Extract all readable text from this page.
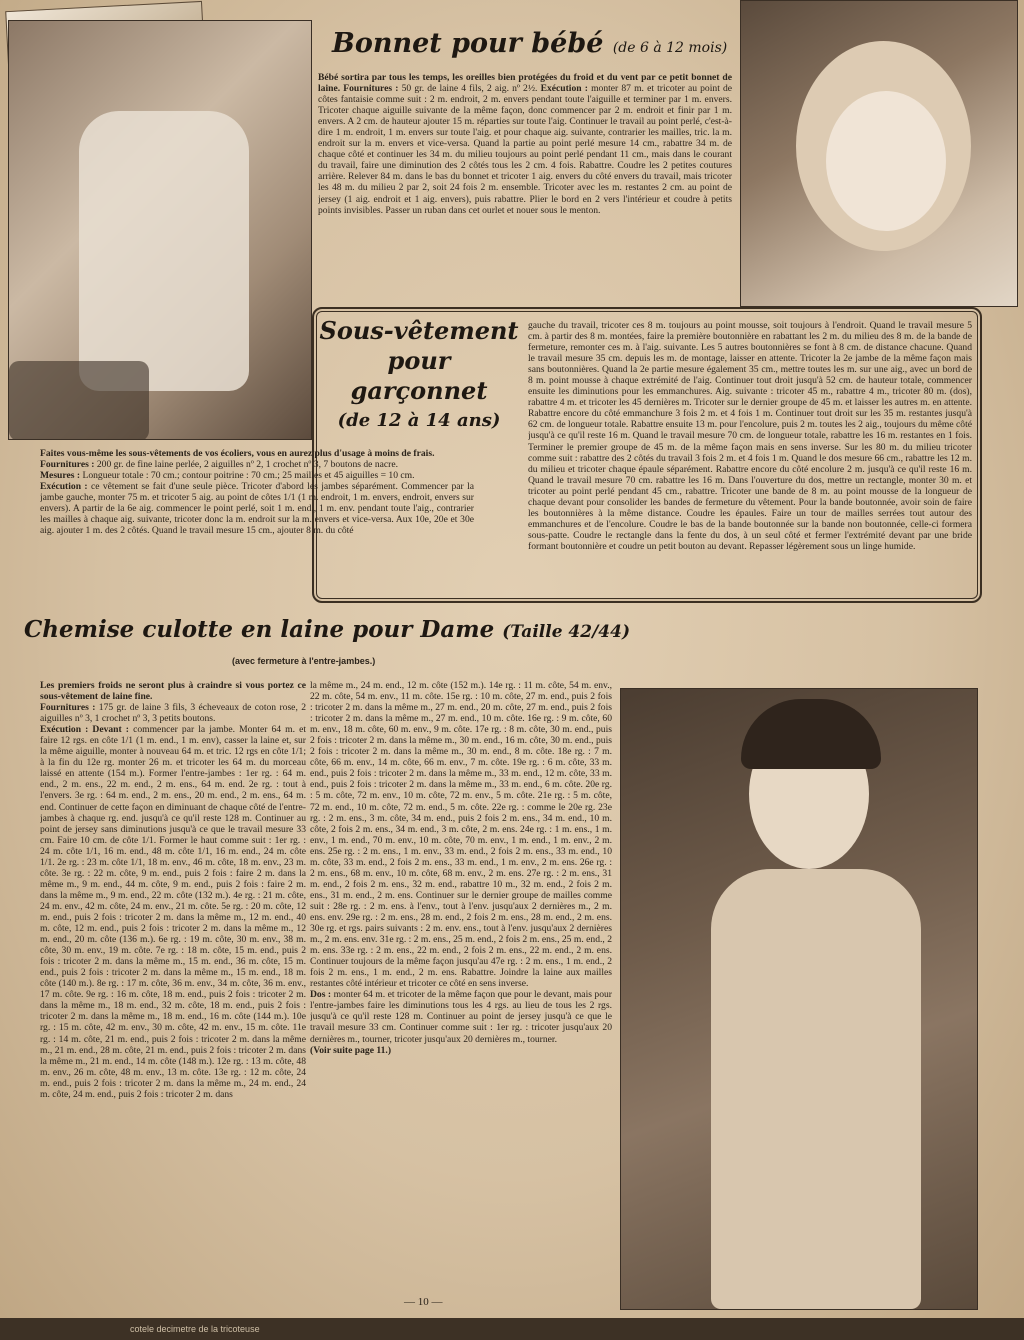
Bonnet pour bébé (de 6 à 12 mois)
Bébé sortira par tous les temps, les oreilles bien protégées du froid et du vent par ce petit bonnet de laine. Fournitures : 50 gr. de laine 4 fils, 2 aig. nº 2½. Exécution : monter 87 m. et tricoter au point de côtes fantaisie comme suit : 2 m. endroit, 2 m. envers pendant toute l'aiguille et terminer par 1 m. envers. Tricoter chaque aiguille suivante de la même façon, donc commencer par 2 m. endroit et finir par 1 m. envers. A 2 cm. de hauteur ajouter 15 m. réparties sur toute l'aig. Continuer le travail au point perlé, c'est-à-dire 1 m. endroit, 1 m. envers sur toute l'aig. et pour chaque aig. suivante, contrarier les mailles, tric. la m. endroit sur la m. envers et vice-versa. Quand la partie au point perlé mesure 14 cm., rabattre 34 m. de chaque côté et continuer les 34 m. du milieu toujours au point perlé pendant 11 cm., mais dans le courant du travail, faire une diminution des 2 côtés tous les 2 cm. 4 fois. Rabattre. Coudre les 2 petites coutures arrière. Relever 84 m. dans le bas du bonnet et tricoter 1 aig. envers du côté envers du travail, mais tricoter les 48 m. du milieu 2 par 2, soit 24 fois 2 m. ensemble. Tricoter avec les m. restantes 2 cm. au point de jersey (1 aig. endroit et 1 aig. envers), puis rabattre. Plier le bord en 2 vers l'intérieur et coudre à petits points invisibles. Passer un ruban dans cet ourlet et nouer sous le menton.
Sous-vêtement
pour
garçonnet
(de 12 à 14 ans)
Faites vous-même les sous-vêtements de vos écoliers, vous en aurez plus d'usage à moins de frais.
Fournitures : 200 gr. de fine laine perlée, 2 aiguilles nº 2, 1 crochet nº 3, 7 boutons de nacre.
Mesures : Longueur totale : 70 cm.; contour poitrine : 70 cm.; 25 mailles et 45 aiguilles = 10 cm.
Exécution : ce vêtement se fait d'une seule pièce. Tricoter d'abord les jambes séparément. Commencer par la jambe gauche, monter 75 m. et tricoter 5 aig. au point de côtes 1/1 (1 m. endroit, 1 m. envers, endroit, envers sur envers). A partir de la 6e aig. commencer le point perlé, soit 1 m. end., 1 m. env. pendant toute l'aig., contrarier les mailles à chaque aig. suivante, tricoter donc la m. endroit sur la m. envers et vice-versa. Aux 10e, 20e et 30e aig. ajouter 1 m. des 2 côtés. Quand le travail mesure 15 cm., ajouter 8 m. du côté
gauche du travail, tricoter ces 8 m. toujours au point mousse, soit toujours à l'endroit. Quand le travail mesure 5 cm. à partir des 8 m. montées, faire la première boutonnière en rabattant les 2 m. du milieu des 8 m. de la bande de fermeture, remonter ces m. à l'aig. suivante. Les 5 autres boutonnières se font à 8 cm. de distance chacune. Quand le travail mesure 35 cm. depuis les m. de montage, laisser en attente. Tricoter la 2e jambe de la même façon mais sans boutonnières. Quand la 2e partie mesure également 35 cm., mettre toutes les m. sur une aig., avec un bord de 8 m. point mousse à chaque extrémité de l'aig. Continuer tout droit jusqu'à 52 cm. de hauteur totale, commencer ensuite les diminutions pour les emmanchures. Aig. suivante : tricoter 45 m., rabattre 4 m., tricoter 80 m. (dos), rabattre 4 m. et tricoter les 45 dernières m. Tricoter sur le dernier groupe de 45 m. et laisser les autres m. en attente. Rabattre encore du côté emmanchure 3 fois 2 m. et 4 fois 1 m. Continuer tout droit sur les 35 m. restantes jusqu'à 62 cm. de longueur totale. Rabattre ensuite 13 m. pour l'encolure, puis 2 m. toutes les 2 aig., toujours du même côté jusqu'à ce qu'il reste 16 m. Quand le travail mesure 70 cm. de longueur totale, rabattre les 16 m. restantes en 1 fois. Terminer le premier groupe de 45 m. de la même façon mais en sens inverse. Sur les 80 m. du milieu tricoter comme suit : rabattre des 2 côtés du travail 3 fois 2 m. et 4 fois 1 m. Quand le dos mesure 66 cm., rabattre les 12 m. du milieu et tricoter chaque épaule séparément. Rabattre encore du côté encolure 2 m. jusqu'à ce qu'il reste 16 m. Quand le travail mesure 70 cm. rabattre les 16 m. Dans l'ouverture du dos, mettre un rectangle, monter 30 m. et tricoter au point perlé pendant 45 cm., rabattre. Tricoter une bande de 8 m. au point mousse de la longueur de chaque devant pour consolider les bandes de fermeture du vêtement. Pour la bande boutonnée, avoir soin de faire les boutonnières à la même distance. Coudre les épaules. Faire un tour de mailles serrées tout autour des emmanchures et de l'encolure. Coudre le bas de la bande boutonnée sur la bande non boutonnée, celle-ci formera sous-patte. Coudre le rectangle dans la fente du dos, à un seul côté et fermer l'extrémité devant par une bride formant boutonnière et coudre un petit bouton au devant. Repasser légèrement sous un linge humide.
Chemise culotte en laine pour Dame (Taille 42/44)
(avec fermeture à l'entre-jambes.)
Les premiers froids ne seront plus à craindre si vous portez ce sous-vêtement de laine fine.
Fournitures : 175 gr. de laine 3 fils, 3 écheveaux de coton rose, 2 aiguilles nº 3, 1 crochet nº 3, 3 petits boutons.
Exécution : Devant : commencer par la jambe. Monter 64 m. et faire 12 rgs. en côte 1/1 (1 m. end., 1 m. env), casser la laine et, sur la même aiguille, monter à nouveau 64 m. et tric. 12 rgs en côte 1/1; à la fin du 12e rg. monter 26 m. et tricoter les 64 m. du morceau laissé en attente (154 m.). Former l'entre-jambes : 1er rg. : 64 m. end., 2 m. ens., 22 m. end., 2 m. ens., 64 m. end. 2e rg. : tout à l'envers. 3e rg. : 64 m. end., 2 m. ens., 20 m. end., 2 m. ens., 64 m. end. Continuer de cette façon en diminuant de chaque côté de l'entre-jambes à chaque rg. end. jusqu'à ce qu'il reste 128 m. Continuer au point de jersey sans diminutions jusqu'à ce que le travail mesure 33 cm. Faire 10 cm. de côte 1/1. Former le haut comme suit : 1er rg. : 24 m. côte 1/1, 16 m. end., 48 m. côte 1/1, 16 m. end., 24 m. côte 1/1. 2e rg. : 23 m. côte 1/1, 18 m. env., 46 m. côte, 18 m. env., 23 m. côte. 3e rg. : 22 m. côte, 9 m. end., puis 2 fois : faire 2 m. dans la même m., 9 m. end., 44 m. côte, 9 m. end., puis 2 fois : faire 2 m. dans la même m., 9 m. end., 22 m. côte (132 m.). 4e rg. : 21 m. côte, 24 m. env., 42 m. côte, 24 m. env., 21 m. côte. 5e rg. : 20 m. côte, 12 m. end., puis 2 fois : tricoter 2 m. dans la même m., 12 m. end., 40 m. côte, 12 m. end., puis 2 fois : tricoter 2 m. dans la même m., 12 m. end., 20 m. côte (136 m.). 6e rg. : 19 m. côte, 30 m. env., 38 m. côte, 30 m. env., 19 m. côte. 7e rg. : 18 m. côte, 15 m. end., puis 2 fois : tricoter 2 m. dans la même m., 15 m. end., 36 m. côte, 15 m. end., puis 2 fois : tricoter 2 m. dans la même m., 15 m. end., 18 m. côte (140 m.). 8e rg. : 17 m. côte, 36 m. env., 34 m. côte, 36 m. env., 17 m. côte. 9e rg. : 16 m. côte, 18 m. end., puis 2 fois : tricoter 2 m. dans la même m., 18 m. end., 32 m. côte, 18 m. end., puis 2 fois : tricoter 2 m. dans la même m., 18 m. end., 16 m. côte (144 m.). 10e rg. : 15 m. côte, 42 m. env., 30 m. côte, 42 m. env., 15 m. côte. 11e rg. : 14 m. côte, 21 m. end., puis 2 fois : tricoter 2 m. dans la même m., 21 m. end., 28 m. côte, 21 m. end., puis 2 fois : tricoter 2 m. dans la même m., 21 m. end., 14 m. côte (148 m.). 12e rg. : 13 m. côte, 48 m. env., 26 m. côte, 48 m. env., 13 m. côte. 13e rg. : 12 m. côte, 24 m. end., puis 2 fois : tricoter 2 m. dans la même m., 24 m. end., 24 m. côte, 24 m. end., puis 2 fois : tricoter 2 m. dans
la même m., 24 m. end., 12 m. côte (152 m.). 14e rg. : 11 m. côte, 54 m. env., 22 m. côte, 54 m. env., 11 m. côte. 15e rg. : 10 m. côte, 27 m. end., puis 2 fois : tricoter 2 m. dans la même m., 27 m. end., 20 m. côte, 27 m. end., puis 2 fois : tricoter 2 m. dans la même m., 27 m. end., 10 m. côte. 16e rg. : 9 m. côte, 60 m. env., 18 m. côte, 60 m. env., 9 m. côte. 17e rg. : 8 m. côte, 30 m. end., puis 2 fois : tricoter 2 m. dans la même m., 30 m. end., 16 m. côte, 30 m. end., puis 2 fois : tricoter 2 m. dans la même m., 30 m. end., 8 m. côte. 18e rg. : 7 m. côte, 66 m. env., 14 m. côte, 66 m. env., 7 m. côte. 19e rg. : 6 m. côte, 33 m. end., puis 2 fois : tricoter 2 m. dans la même m., 33 m. end., 12 m. côte, 33 m. end., puis 2 fois : tricoter 2 m. dans la même m., 33 m. end., 6 m. côte. 20e rg. : 5 m. côte, 72 m. env., 10 m. côte, 72 m. env., 5 m. côte. 21e rg. : 5 m. côte, 72 m. end., 10 m. côte, 72 m. end., 5 m. côte. 22e rg. : comme le 20e rg. 23e rg. : 2 m. ens., 3 m. côte, 34 m. end., puis 2 fois 2 m. ens., 34 m. end., 10 m. côte, 2 fois 2 m. ens., 34 m. end., 3 m. côte, 2 m. ens. 24e rg. : 1 m. ens., 1 m. env., 1 m. end., 70 m. env., 10 m. côte, 70 m. env., 1 m. end., 1 m. env., 2 m. ens. 25e rg. : 2 m. ens., 1 m. env., 33 m. end., 2 fois 2 m. ens., 33 m. end., 10 m. côte, 33 m. end., 2 fois 2 m. ens., 33 m. end., 1 m. env., 2 m. ens. 26e rg. : 2 m. ens., 68 m. env., 10 m. côte, 68 m. env., 2 m. ens. 27e rg. : 2 m. ens., 31 m. end., 2 fois 2 m. ens., 32 m. end., rabattre 10 m., 32 m. end., 2 fois 2 m. ens., 31 m. end., 2 m. ens. Continuer sur le dernier groupe de mailles comme suit : 28e rg. : 2 m. ens. à l'env., tout à l'env. jusqu'aux 2 dernières m., 2 m. ens. env. 29e rg. : 2 m. ens., 28 m. end., 2 fois 2 m. ens., 28 m. end., 2 m. ens. 30e rg. et rgs. pairs suivants : 2 m. env. ens., tout à l'env. jusqu'aux 2 dernières m., 2 m. ens. env. 31e rg. : 2 m. ens., 25 m. end., 2 fois 2 m. ens., 25 m. end., 2 m. ens. 33e rg. : 2 m. ens., 22 m. end., 2 fois 2 m. ens., 22 m. end., 2 m. ens. Continuer toujours de la même façon jusqu'au 47e rg. : 2 m. ens., 1 m. end., 2 fois 2 m. ens., 1 m. end., 2 m. ens. Rabattre. Joindre la laine aux mailles restantes côté intérieur et tricoter ce côté en sens inverse.
Dos : monter 64 m. et tricoter de la même façon que pour le devant, mais pour l'entre-jambes faire les diminutions tous les 4 rgs. au lieu de tous les 2 rgs. jusqu'à ce qu'il reste 128 m. Continuer au point de jersey jusqu'à ce que le travail mesure 33 cm. Continuer comme suit : 1er rg. : tricoter jusqu'aux 20 dernières m., tourner, tricoter jusqu'aux 20 dernières m., tourner.
(Voir suite page 11.)
— 10 —
cotele decimetre de la tricoteuse
